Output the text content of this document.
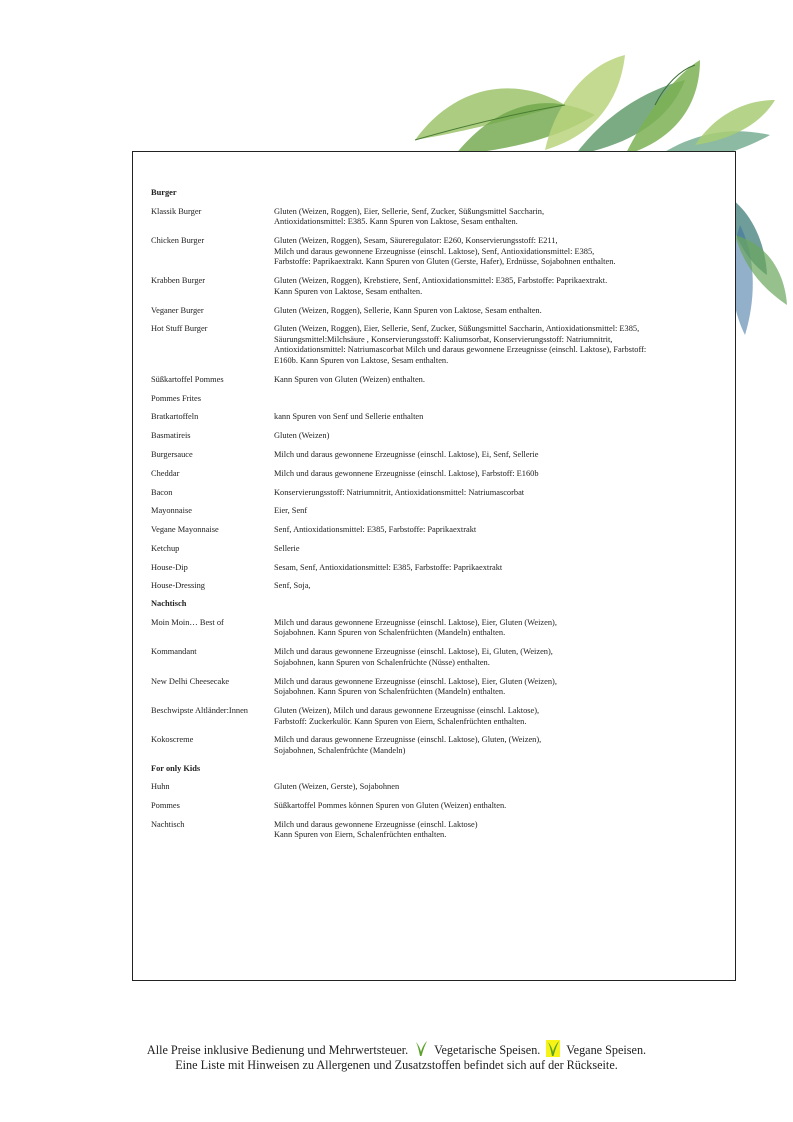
Burger
Klassik Burger	Gluten (Weizen, Roggen), Eier, Sellerie, Senf, Zucker, Süßungsmittel Saccharin,
Antioxidationsmittel: E385. Kann Spuren von Laktose, Sesam enthalten.
Chicken Burger	Gluten (Weizen, Roggen), Sesam, Säureregulator: E260, Konservierungsstoff: E211,
Milch und daraus gewonnene Erzeugnisse (einschl. Laktose), Senf, Antioxidationsmittel: E385,
Farbstoffe: Paprikaextrakt. Kann Spuren von Gluten (Gerste, Hafer), Erdnüsse, Sojabohnen enthalten.
Krabben Burger	Gluten (Weizen, Roggen), Krebstiere, Senf, Antioxidationsmittel: E385, Farbstoffe: Paprikaextrakt.
Kann Spuren von Laktose, Sesam enthalten.
Veganer Burger	Gluten (Weizen, Roggen), Sellerie, Kann Spuren von Laktose, Sesam enthalten.
Hot Stuff Burger	Gluten (Weizen, Roggen), Eier, Sellerie, Senf, Zucker, Süßungsmittel Saccharin, Antioxidationsmittel: E385,
Säurungsmittel:Milchsäure , Konservierungsstoff: Kaliumsorbat, Konservierungsstoff: Natriumnitrit,
Antioxidationsmittel: Natriumascorbat Milch und daraus gewonnene Erzeugnisse (einschl. Laktose), Farbstoff:
E160b. Kann Spuren von Laktose, Sesam enthalten.
Süßkartoffel Pommes	Kann Spuren von Gluten (Weizen) enthalten.
Pommes Frites
Bratkartoffeln	kann Spuren von Senf und Sellerie enthalten
Basmatireis	Gluten (Weizen)
Burgersauce	Milch und daraus gewonnene Erzeugnisse (einschl. Laktose), Ei, Senf, Sellerie
Cheddar	Milch und daraus gewonnene Erzeugnisse (einschl. Laktose), Farbstoff: E160b
Bacon	Konservierungsstoff: Natriumnitrit, Antioxidationsmittel: Natriumascorbat
Mayonnaise	Eier, Senf
Vegane Mayonnaise	Senf, Antioxidationsmittel: E385, Farbstoffe: Paprikaextrakt
Ketchup	Sellerie
House-Dip	Sesam, Senf, Antioxidationsmittel: E385, Farbstoffe: Paprikaextrakt
House-Dressing	Senf, Soja,
Nachtisch
Moin Moin… Best of	Milch und daraus gewonnene Erzeugnisse (einschl. Laktose), Eier, Gluten (Weizen),
Sojabohnen. Kann Spuren von Schalenfrüchten (Mandeln) enthalten.
Kommandant	Milch und daraus gewonnene Erzeugnisse (einschl. Laktose), Ei, Gluten, (Weizen),
Sojabohnen, kann Spuren von Schalenfrüchte (Nüsse) enthalten.
New Delhi Cheesecake	Milch und daraus gewonnene Erzeugnisse (einschl. Laktose), Eier, Gluten (Weizen),
Sojabohnen. Kann Spuren von Schalenfrüchten (Mandeln) enthalten.
Beschwipste Altländer:Innen	Gluten (Weizen), Milch und daraus gewonnene Erzeugnisse (einschl. Laktose),
Farbstoff: Zuckerkulör. Kann Spuren von Eiern, Schalenfrüchten enthalten.
Kokoscreme	Milch und daraus gewonnene Erzeugnisse (einschl. Laktose), Gluten, (Weizen),
Sojabohnen, Schalenfrüchte (Mandeln)
For only Kids
Huhn	Gluten (Weizen, Gerste), Sojabohnen
Pommes	Süßkartoffel Pommes können Spuren von Gluten (Weizen) enthalten.
Nachtisch	Milch und daraus gewonnene Erzeugnisse (einschl. Laktose)
Kann Spuren von Eiern, Schalenfrüchten enthalten.
Alle Preise inklusive Bedienung und Mehrwertsteuer. Vegetarische Speisen. Vegane Speisen.
Eine Liste mit Hinweisen zu Allergenen und Zusatzstoffen befindet sich auf der Rückseite.
